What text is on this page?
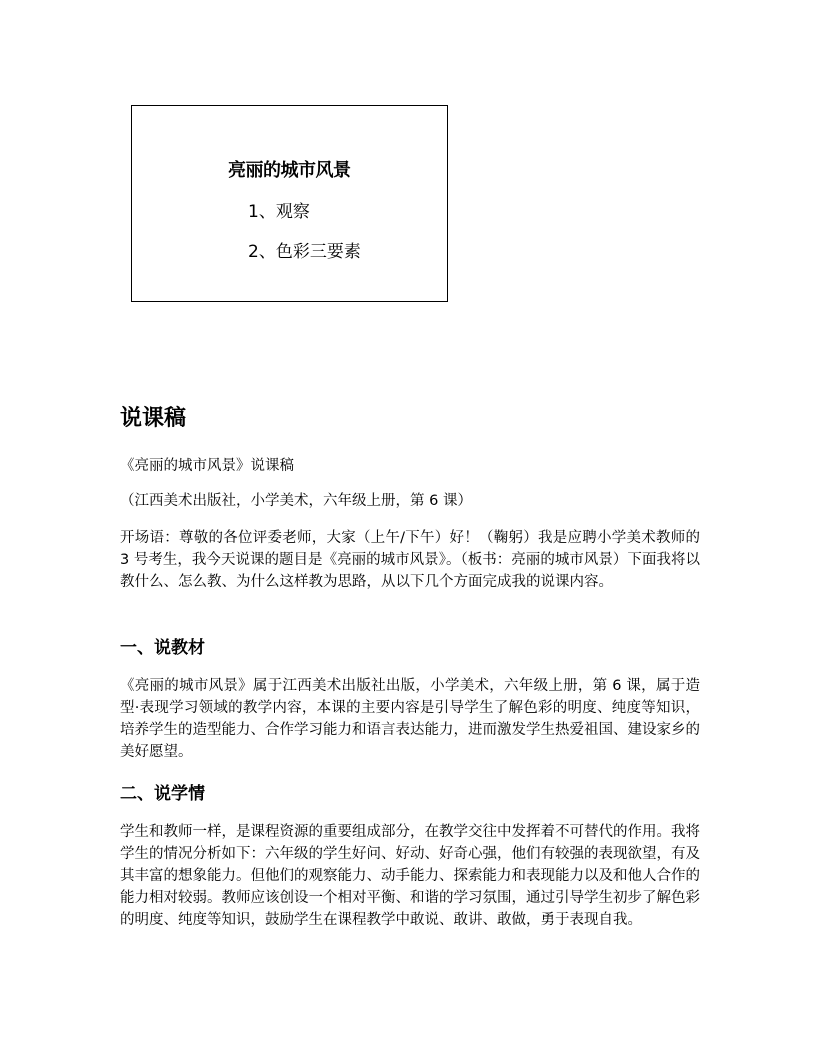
亮丽的城市风景
1、观察
2、色彩三要素
说课稿
《亮丽的城市风景》说课稿
（江西美术出版社，小学美术，六年级上册，第 6 课）
开场语：尊敬的各位评委老师，大家（上午/下午）好！（鞠躬）我是应聘小学美术教师的 3 号考生，我今天说课的题目是《亮丽的城市风景》。（板书：亮丽的城市风景）下面我将以教什么、怎么教、为什么这样教为思路，从以下几个方面完成我的说课内容。
一、说教材
《亮丽的城市风景》属于江西美术出版社出版，小学美术，六年级上册，第 6 课，属于造型·表现学习领域的教学内容，本课的主要内容是引导学生了解色彩的明度、纯度等知识，培养学生的造型能力、合作学习能力和语言表达能力，进而激发学生热爱祖国、建设家乡的美好愿望。
二、说学情
学生和教师一样，是课程资源的重要组成部分，在教学交往中发挥着不可替代的作用。我将学生的情况分析如下：六年级的学生好问、好动、好奇心强，他们有较强的表现欲望，有及其丰富的想象能力。但他们的观察能力、动手能力、探索能力和表现能力以及和他人合作的能力相对较弱。教师应该创设一个相对平衡、和谐的学习氛围，通过引导学生初步了解色彩的明度、纯度等知识，鼓励学生在课程教学中敢说、敢讲、敢做，勇于表现自我。
